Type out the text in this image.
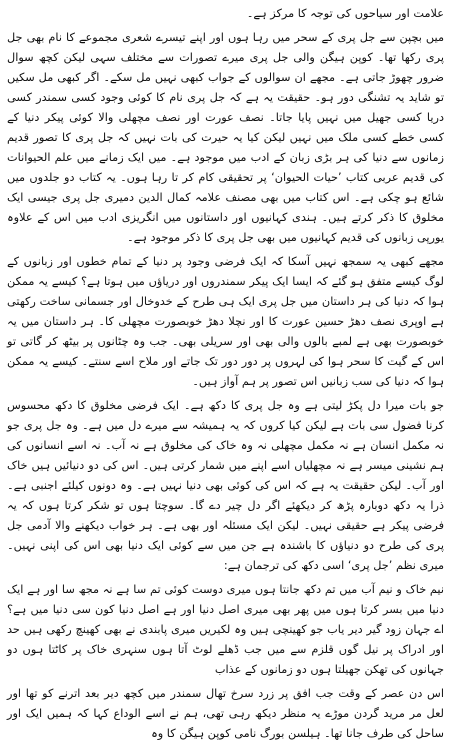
علامت اور سیاحوں کی توجہ کا مرکز ہے۔

میں بچپن سے جل پری کے سحر میں رہا ہوں اور اپنے تیسرے شعری مجموعے کا نام بھی جل پری رکھا تھا۔ کوپن ہیگن والی جل پری میرے تصورات سے مختلف سہی لیکن کچھ سوال ضرور چھوڑ جاتی ہے۔ مجھے ان سوالوں کے جواب کبھی نہیں مل سکے۔ اگر کبھی مل سکیں تو شاید یہ تشنگی دور ہو۔ حقیقت یہ ہے کہ جل پری نام کا کوئی وجود کسی سمندر کسی دریا کسی جھیل میں نہیں پایا جاتا۔ نصف عورت اور نصف مچھلی والا کوئی پیکر دنیا کے کسی خطے کسی ملک میں نہیں لیکن کیا یہ حیرت کی بات نہیں کہ جل پری کا تصور قدیم زمانوں سے دنیا کی ہر بڑی زبان کے ادب میں موجود ہے۔ میں ایک زمانے میں علم الحیوانات کی قدیم عربی کتاب ’حیات الحیوان‘ پر تحقیقی کام کر تا رہا ہوں۔ یہ کتاب دو جلدوں میں شائع ہو چکی ہے۔ اس کتاب میں بھی مصنف علامہ کمال الدین دمیری جل پری جیسی ایک مخلوق کا ذکر کرتے ہیں۔ ہندی کہانیوں اور داستانوں میں انگریزی ادب میں اس کے علاوہ یورپی زبانوں کی قدیم کہانیوں میں بھی جل پری کا ذکر موجود ہے۔

مجھے کبھی یہ سمجھ نہیں آسکا کہ ایک فرضی وجود پر دنیا کے تمام خطوں اور زبانوں کے لوگ کیسے متفق ہو گئے کہ ایسا ایک پیکر سمندروں اور دریاؤں میں ہوتا ہے؟ کیسے یہ ممکن ہوا کہ دنیا کی ہر داستان میں جل پری ایک ہی طرح کے خدوخال اور جسمانی ساخت رکھتی ہے اوپری نصف دھڑ حسین عورت کا اور نچلا دھڑ خوبصورت مچھلی کا۔ ہر داستان میں یہ خوبصورت بھی ہے لمبے بالوں والی بھی اور سریلی بھی۔ جب وہ چٹانوں پر بیٹھ کر گاتی تو اس کے گیت کا سحر ہوا کی لہروں پر دور دور تک جاتے اور ملاح اسے سنتے۔ کیسے یہ ممکن ہوا کہ دنیا کی سب زبانیں اس تصور پر ہم آواز ہیں۔

جو بات میرا دل پکڑ لیتی ہے وہ جل پری کا دکھ ہے۔ ایک فرضی مخلوق کا دکھ محسوس کرنا فضول سی بات ہے لیکن کیا کروں کہ یہ ہمیشہ سے میرے دل میں ہے۔ وہ جل پری جو نہ مکمل انسان ہے نہ مکمل مچھلی نہ وہ خاک کی مخلوق ہے نہ آب۔ نہ اسے انسانوں کی ہم نشینی میسر ہے نہ مچھلیاں اسے اپنے میں شمار کرتی ہیں۔ اس کی دو دنیائیں ہیں خاک اور آب۔ لیکن حقیقت یہ ہے کہ اس کی کوئی بھی دنیا نہیں ہے۔ وہ دونوں کیلئے اجنبی ہے۔ ذرا یہ دکھ دوبارہ پڑھ کر دیکھئے اگر دل چیر دے گا۔ سوچتا ہوں تو شکر کرتا ہوں کہ یہ فرضی پیکر ہے حقیقی نہیں۔ لیکن ایک مسئلہ اور بھی ہے۔ ہر خواب دیکھنے والا آدمی جل پری کی طرح دو دنیاؤں کا باشندہ ہے جن میں سے کوئی ایک دنیا بھی اس کی اپنی نہیں۔ میری نظم ’جل پری‘ اسی دکھ کی ترجمان ہے:

نیم خاک و نیم آب میں تم دکھ جانتا ہوں میری دوست کوئی تم سا ہے نہ مجھ سا اور ہے ایک دنیا میں بسر کرتا ہوں میں پھر بھی میری اصل دنیا اور ہے اصل دنیا کون سی دنیا میں ہے؟ اے جہان زود گیر دیر یاب جو کھینچی ہیں وہ لکیریں میری پابندی نے بھی کھینچ رکھی ہیں حد اور ادراک پر نیل گوں قلزم سے میں جب ڈھلے لوٹ آتا ہوں سنہری خاک پر کاٹتا ہوں دو جہانوں کی تھکن جھیلتا ہوں دو زمانوں کے عذاب

اس دن عصر کے وقت جب افق پر زرد سرخ تھال سمندر میں کچھ دیر بعد اترنے کو تھا اور لعل مر مرید گردن موڑے یہ منظر دیکھ رہی تھی، ہم نے اسے الوداع کہا کہ ہمیں ایک اور ساحل کی طرف جانا تھا۔ ہیلسن بورگ نامی کوپن ہیگن کا وہ
